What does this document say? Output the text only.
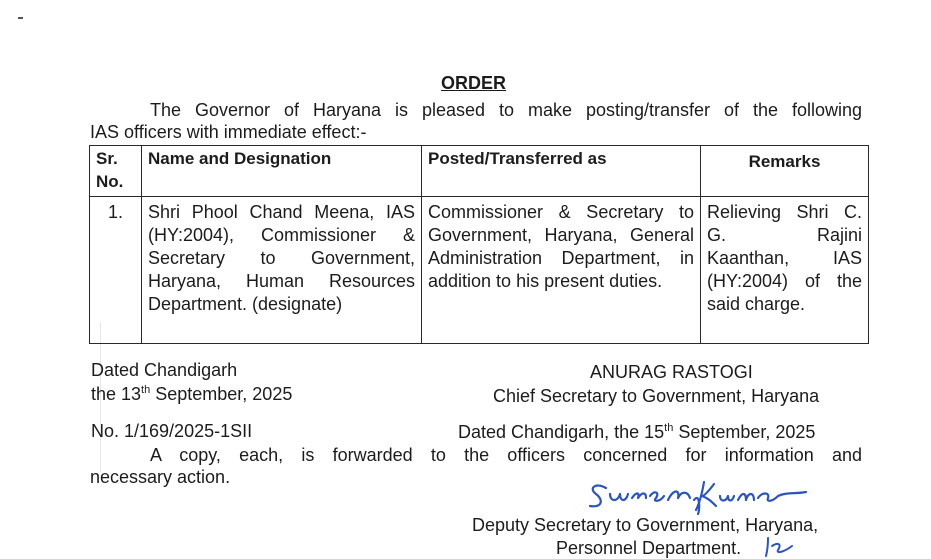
ORDER
The Governor of Haryana is pleased to make posting/transfer of the following
IAS officers with immediate effect:-
Sr.
No.	Name and Designation	Posted/Transferred as	Remarks
1.	Shri Phool Chand Meena, IAS (HY:2004), Commissioner & Secretary to Government, Haryana, Human Resources Department. (designate)	Commissioner & Secretary to Government, Haryana, General Administration Department, in addition to his present duties.	Relieving Shri C. G. Rajini Kaanthan, IAS (HY:2004) of the said charge.
Dated Chandigarh
the 13th September, 2025
ANURAG RASTOGI
Chief Secretary to Government, Haryana
No. 1/169/2025-1SII	Dated Chandigarh, the 15th September, 2025
A copy, each, is forwarded to the officers concerned for information and
necessary action.
Deputy Secretary to Government, Haryana,
Personnel Department.
